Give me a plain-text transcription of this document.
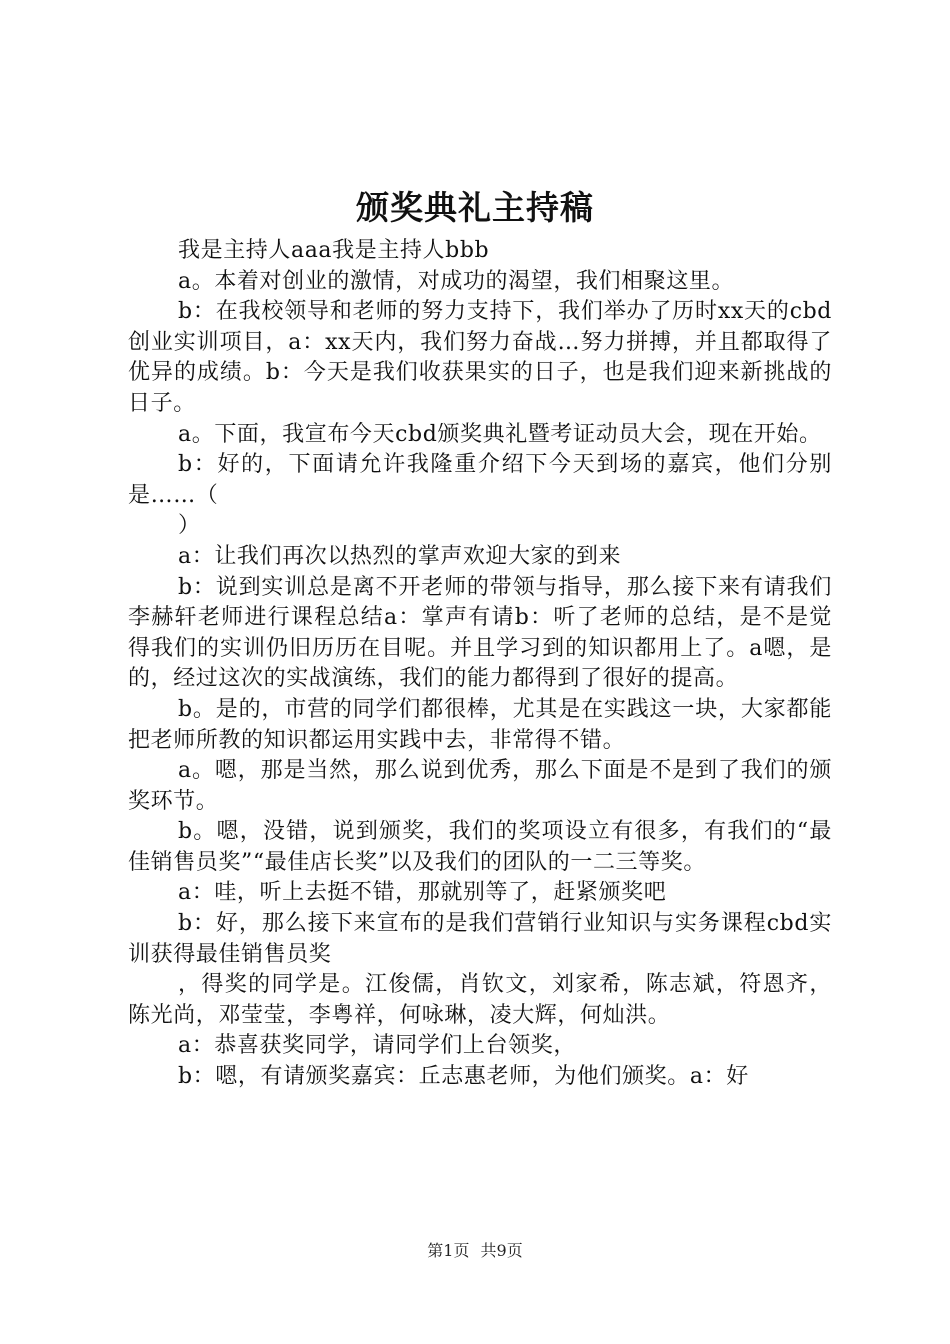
颁奖典礼主持稿

我是主持人aaa我是主持人bbb

a。本着对创业的激情，对成功的渴望，我们相聚这里。

b：在我校领导和老师的努力支持下，我们举办了历时xx天的cbd创业实训项目，a：xx天内，我们努力奋战…努力拼搏，并且都取得了优异的成绩。b：今天是我们收获果实的日子，也是我们迎来新挑战的日子。

a。下面，我宣布今天cbd颁奖典礼暨考证动员大会，现在开始。

b：好的，下面请允许我隆重介绍下今天到场的嘉宾，他们分别是……（

）

a：让我们再次以热烈的掌声欢迎大家的到来

b：说到实训总是离不开老师的带领与指导，那么接下来有请我们李赫轩老师进行课程总结a：掌声有请b：听了老师的总结，是不是觉得我们的实训仍旧历历在目呢。并且学习到的知识都用上了。a嗯，是的，经过这次的实战演练，我们的能力都得到了很好的提高。

b。是的，市营的同学们都很棒，尤其是在实践这一块，大家都能把老师所教的知识都运用实践中去，非常得不错。

a。嗯，那是当然，那么说到优秀，那么下面是不是到了我们的颁奖环节。

b。嗯，没错，说到颁奖，我们的奖项设立有很多，有我们的“最佳销售员奖”“最佳店长奖”以及我们的团队的一二三等奖。

a：哇，听上去挺不错，那就别等了，赶紧颁奖吧

b：好，那么接下来宣布的是我们营销行业知识与实务课程cbd实训获得最佳销售员奖

，得奖的同学是。江俊儒，肖钦文，刘家希，陈志斌，符恩齐，陈光尚，邓莹莹，李粤祥，何咏琳，凌大辉，何灿洪。

a：恭喜获奖同学，请同学们上台领奖，

b：嗯，有请颁奖嘉宾：丘志惠老师，为他们颁奖。a：好

第1页 共9页
